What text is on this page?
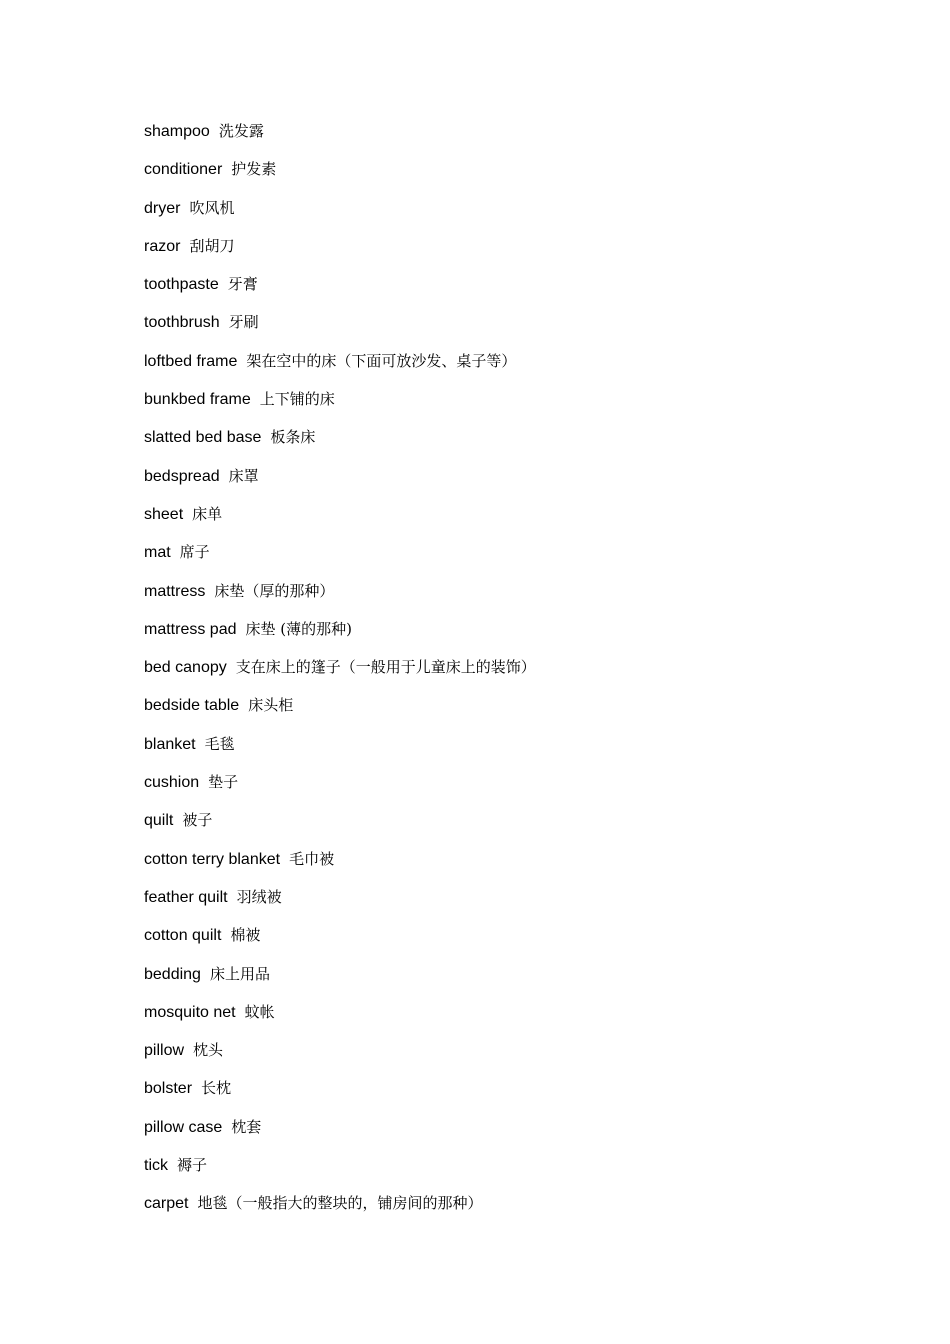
shampoo 洗发露
conditioner 护发素
dryer 吹风机
razor 刮胡刀
toothpaste 牙膏
toothbrush 牙刷
loftbed frame 架在空中的床（下面可放沙发、桌子等）
bunkbed frame 上下铺的床
slatted bed base 板条床
bedspread 床罩
sheet 床单
mat 席子
mattress 床垫（厚的那种）
mattress pad 床垫 (薄的那种)
bed canopy 支在床上的篷子（一般用于儿童床上的装饰）
bedside table 床头柜
blanket 毛毯
cushion 垫子
quilt 被子
cotton terry blanket 毛巾被
feather quilt 羽绒被
cotton quilt 棉被
bedding 床上用品
mosquito net 蚊帐
pillow 枕头
bolster 长枕
pillow case 枕套
tick 褥子
carpet 地毯（一般指大的整块的，铺房间的那种）
